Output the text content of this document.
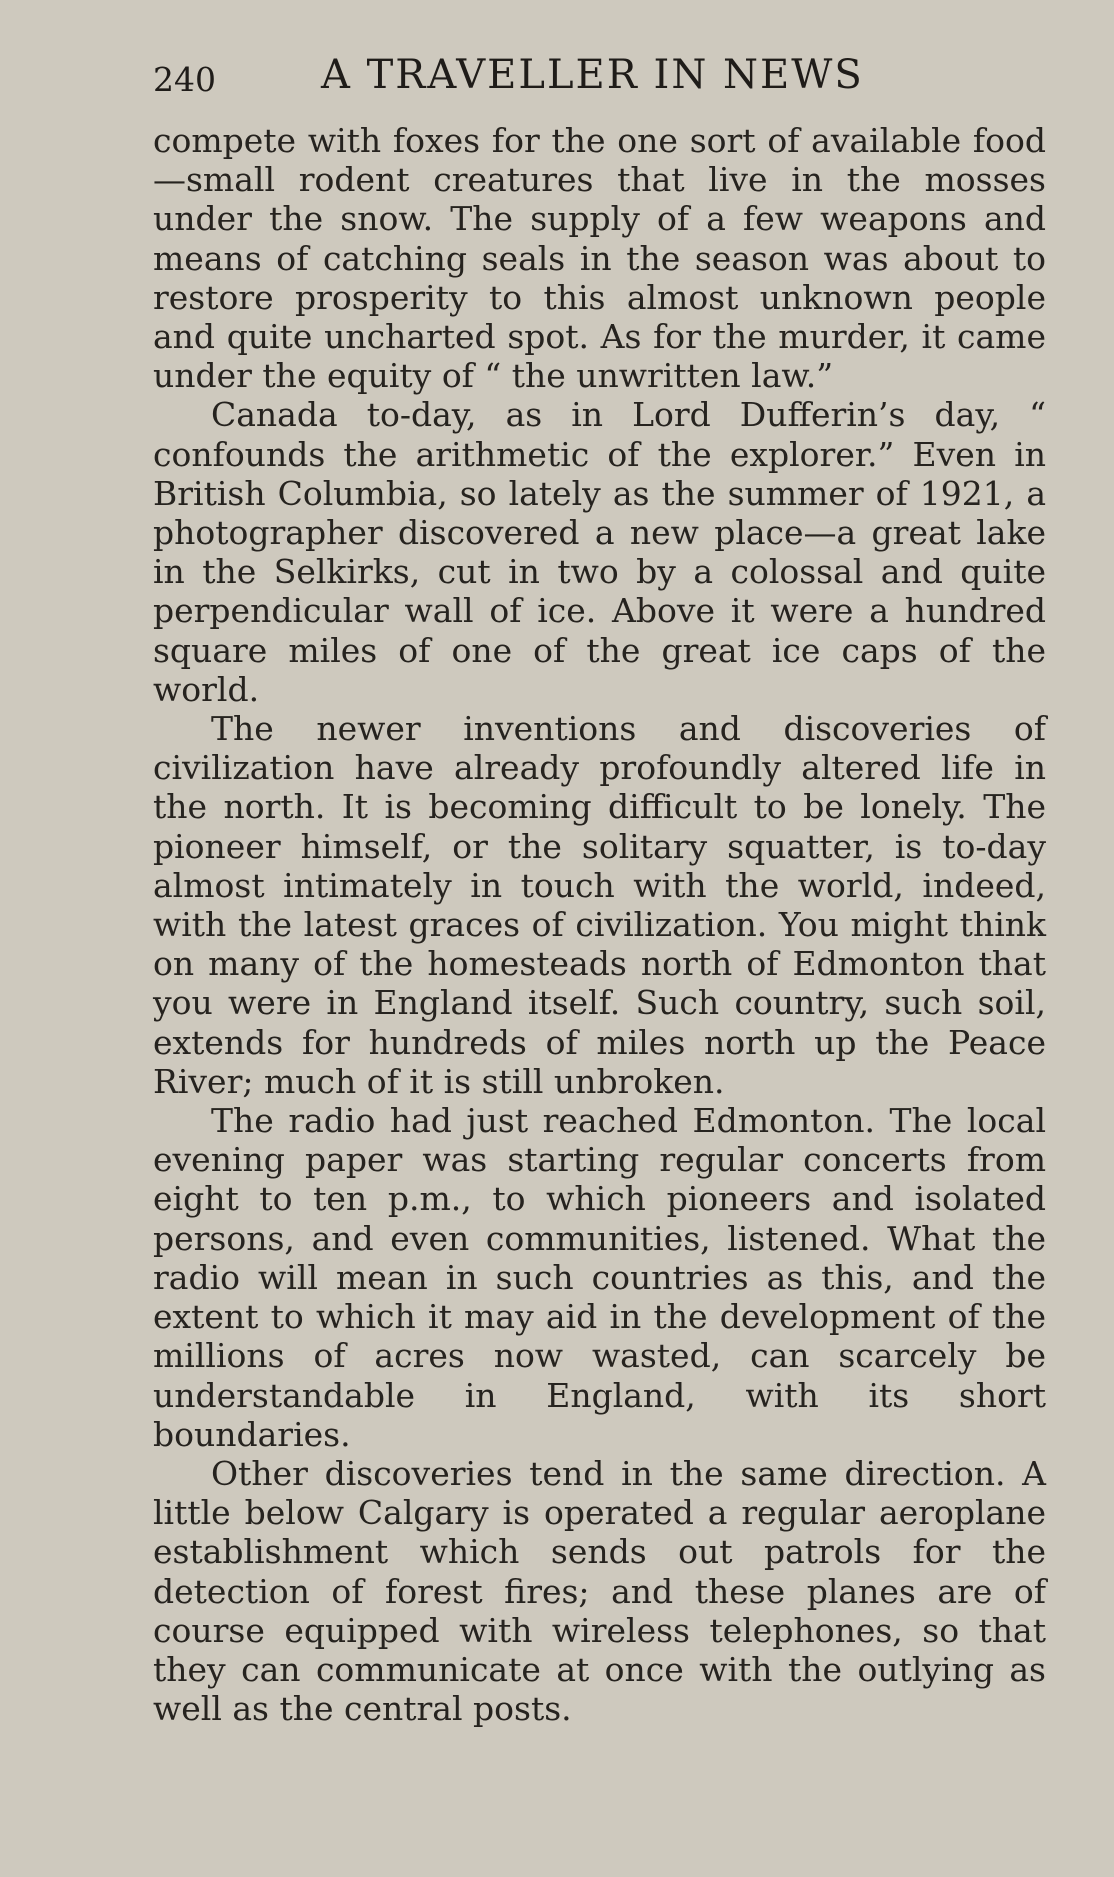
240	A TRAVELLER IN NEWS

compete with foxes for the one sort of available food —small rodent creatures that live in the mosses under the snow. The supply of a few weapons and means of catching seals in the season was about to restore prosperity to this almost unknown people and quite uncharted spot. As for the murder, it came under the equity of “ the unwritten law.”

Canada to-day, as in Lord Dufferin’s day, “ confounds the arithmetic of the explorer.” Even in British Columbia, so lately as the summer of 1921, a photographer discovered a new place—a great lake in the Selkirks, cut in two by a colossal and quite perpendicular wall of ice. Above it were a hundred square miles of one of the great ice caps of the world.

The newer inventions and discoveries of civilization have already profoundly altered life in the north. It is becoming difficult to be lonely. The pioneer himself, or the solitary squatter, is to-day almost intimately in touch with the world, indeed, with the latest graces of civilization. You might think on many of the homesteads north of Edmonton that you were in England itself. Such country, such soil, extends for hundreds of miles north up the Peace River; much of it is still unbroken.

The radio had just reached Edmonton. The local evening paper was starting regular concerts from eight to ten p.m., to which pioneers and isolated persons, and even communities, listened. What the radio will mean in such countries as this, and the extent to which it may aid in the development of the millions of acres now wasted, can scarcely be understandable in England, with its short boundaries.

Other discoveries tend in the same direction. A little below Calgary is operated a regular aeroplane establishment which sends out patrols for the detection of forest fires; and these planes are of course equipped with wireless telephones, so that they can communicate at once with the outlying as well as the central posts.
